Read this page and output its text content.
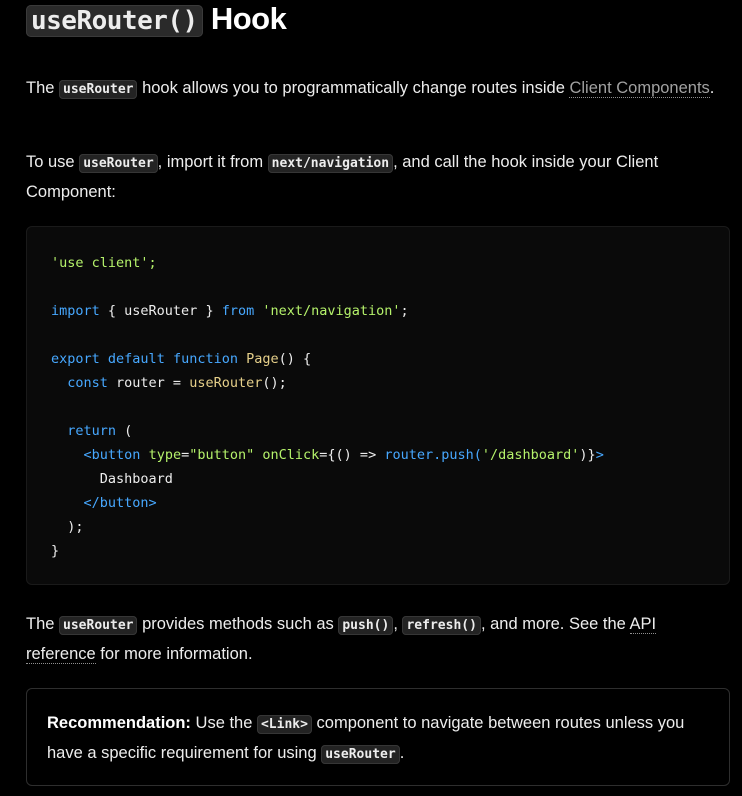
useRouter() Hook

The useRouter hook allows you to programmatically change routes inside Client Components.

To use useRouter , import it from next/navigation , and call the hook inside your Client Component:

'use client';

import { useRouter } from 'next/navigation';

export default function Page() {
const router = useRouter();

return (
<button type="button" onClick={() => router.push('/dashboard')}>
Dashboard
</button>
);
}

The useRouter provides methods such as push() , refresh() , and more. See the API reference for more information.

Recommendation: Use the <Link> component to navigate between routes unless you have a specific requirement for using useRouter .
